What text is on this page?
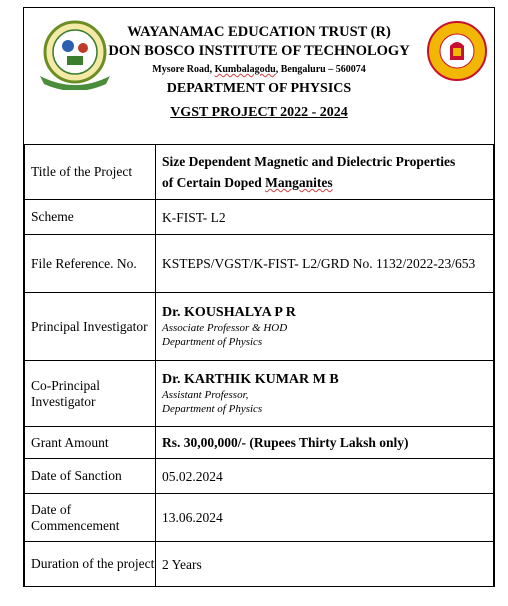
WAYANAMAC EDUCATION TRUST (R)
DON BOSCO INSTITUTE OF TECHNOLOGY
Mysore Road, Kumbalagodu, Bengaluru – 560074
DEPARTMENT OF PHYSICS
VGST PROJECT 2022 - 2024
Title of the Project	Size Dependent Magnetic and Dielectric Properties
of Certain Doped Manganites

Scheme	K-FIST- L2
File Reference. No.	KSTEPS/VGST/K-FIST- L2/GRD No. 1132/2022-23/653
Principal Investigator	Dr. KOUSHALYA P R
Associate Professor & HOD
Department of Physics

Co-Principal Investigator	Dr. KARTHIK KUMAR M B
Assistant Professor,
Department of Physics

Grant Amount	Rs. 30,00,000/- (Rupees Thirty Laksh only)
Date of Sanction	05.02.2024
Date of Commencement	13.06.2024
Duration of the project	2 Years
